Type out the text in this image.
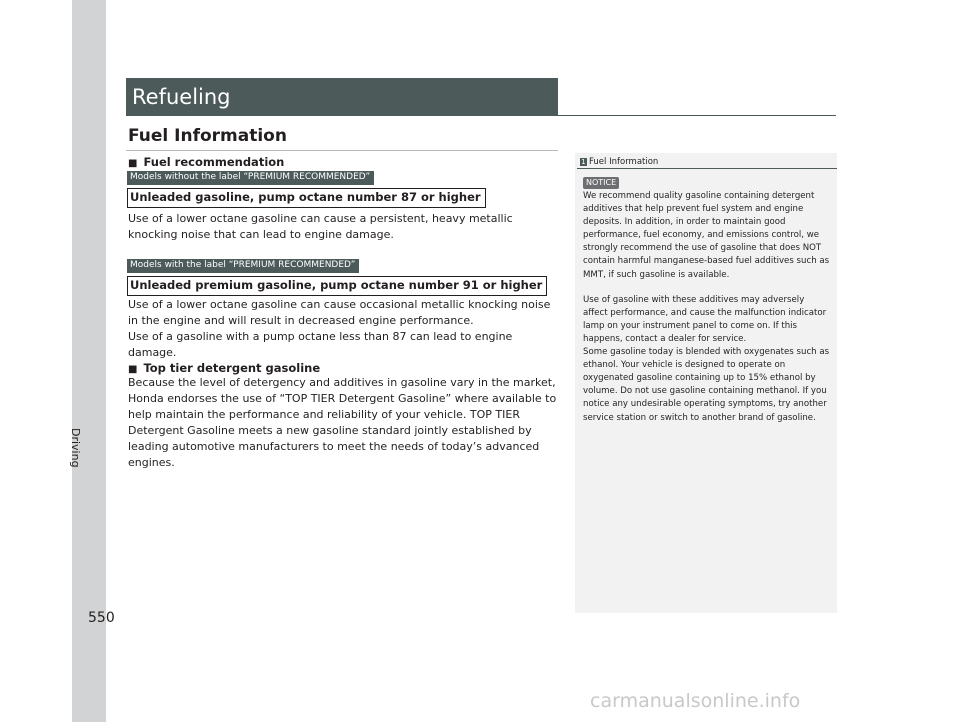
Driving
Refueling
Fuel Information
■ Fuel recommendation
Models without the label “PREMIUM RECOMMENDED”
Unleaded gasoline, pump octane number 87 or higher
Use of a lower octane gasoline can cause a persistent, heavy metallic knocking noise that can lead to engine damage.
Models with the label “PREMIUM RECOMMENDED”
Unleaded premium gasoline, pump octane number 91 or higher

Use of a lower octane gasoline can cause occasional metallic knocking noise in the engine and will result in decreased engine performance.

Use of a gasoline with a pump octane less than 87 can lead to engine damage.

■ Top tier detergent gasoline
Because the level of detergency and additives in gasoline vary in the market, Honda endorses the use of “TOP TIER Detergent Gasoline” where available to help maintain the performance and reliability of your vehicle. TOP TIER Detergent Gasoline meets a new gasoline standard jointly established by leading automotive manufacturers to meet the needs of today’s advanced engines.
1 Fuel Information
NOTICE

We recommend quality gasoline containing detergent additives that help prevent fuel system and engine deposits. In addition, in order to maintain good performance, fuel economy, and emissions control, we strongly recommend the use of gasoline that does NOT contain harmful manganese-based fuel additives such as MMT, if such gasoline is available.

Use of gasoline with these additives may adversely affect performance, and cause the malfunction indicator lamp on your instrument panel to come on. If this happens, contact a dealer for service.

Some gasoline today is blended with oxygenates such as ethanol. Your vehicle is designed to operate on oxygenated gasoline containing up to 15% ethanol by volume. Do not use gasoline containing methanol. If you notice any undesirable operating symptoms, try another service station or switch to another brand of gasoline.

550
carmanualsonline.info
